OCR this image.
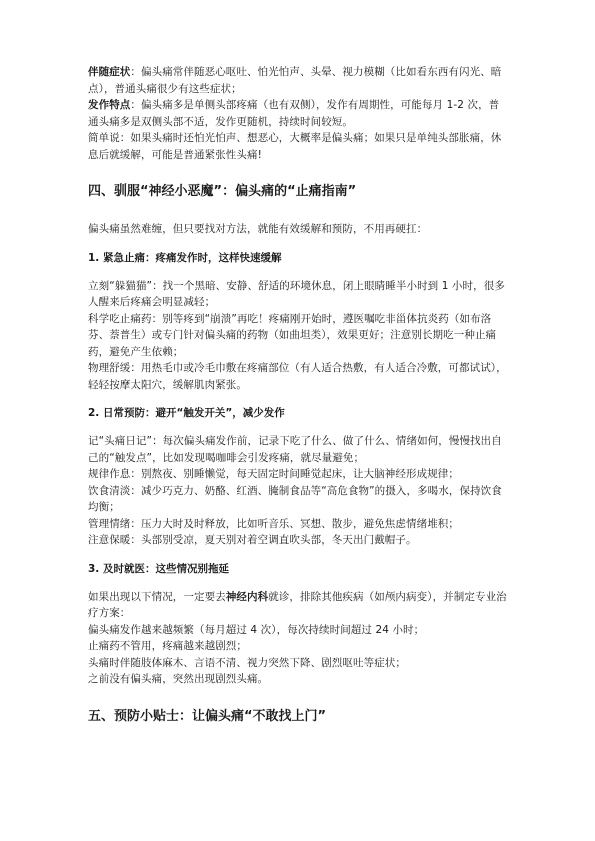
伴随症状：偏头痛常伴随恶心呕吐、怕光怕声、头晕、视力模糊（比如看东西有闪光、暗点），普通头痛很少有这些症状；

发作特点：偏头痛多是单侧头部疼痛（也有双侧），发作有周期性，可能每月 1-2 次，普通头痛多是双侧头部不适，发作更随机，持续时间较短。

简单说：如果头痛时还怕光怕声、想恶心，大概率是偏头痛；如果只是单纯头部胀痛，休息后就缓解，可能是普通紧张性头痛!

四、驯服“神经小恶魔”：偏头痛的“止痛指南”

偏头痛虽然难缠，但只要找对方法，就能有效缓解和预防，不用再硬扛：

1. 紧急止痛：疼痛发作时，这样快速缓解

立刻“躲猫猫”：找一个黑暗、安静、舒适的环境休息，闭上眼睛睡半小时到 1 小时，很多人醒来后疼痛会明显减轻；

科学吃止痛药：别等疼到“崩溃”再吃！疼痛刚开始时，遵医嘱吃非甾体抗炎药（如布洛芬、萘普生）或专门针对偏头痛的药物（如曲坦类），效果更好；注意别长期吃一种止痛药，避免产生依赖；

物理舒缓：用热毛巾或冷毛巾敷在疼痛部位（有人适合热敷，有人适合冷敷，可都试试），轻轻按摩太阳穴，缓解肌肉紧张。

2. 日常预防：避开“触发开关”，减少发作

记“头痛日记”：每次偏头痛发作前，记录下吃了什么、做了什么、情绪如何，慢慢找出自己的“触发点”，比如发现喝咖啡会引发疼痛，就尽量避免；

规律作息：别熬夜、别睡懒觉，每天固定时间睡觉起床，让大脑神经形成规律；

饮食清淡：减少巧克力、奶酪、红酒、腌制食品等“高危食物”的摄入，多喝水，保持饮食均衡；

管理情绪：压力大时及时释放，比如听音乐、冥想、散步，避免焦虑情绪堆积；

注意保暖：头部别受凉，夏天别对着空调直吹头部，冬天出门戴帽子。

3. 及时就医：这些情况别拖延

如果出现以下情况，一定要去神经内科就诊，排除其他疾病（如颅内病变），并制定专业治疗方案：

偏头痛发作越来越频繁（每月超过 4 次），每次持续时间超过 24 小时；

止痛药不管用，疼痛越来越剧烈；

头痛时伴随肢体麻木、言语不清、视力突然下降、剧烈呕吐等症状；

之前没有偏头痛，突然出现剧烈头痛。

五、预防小贴士：让偏头痛“不敢找上门”
